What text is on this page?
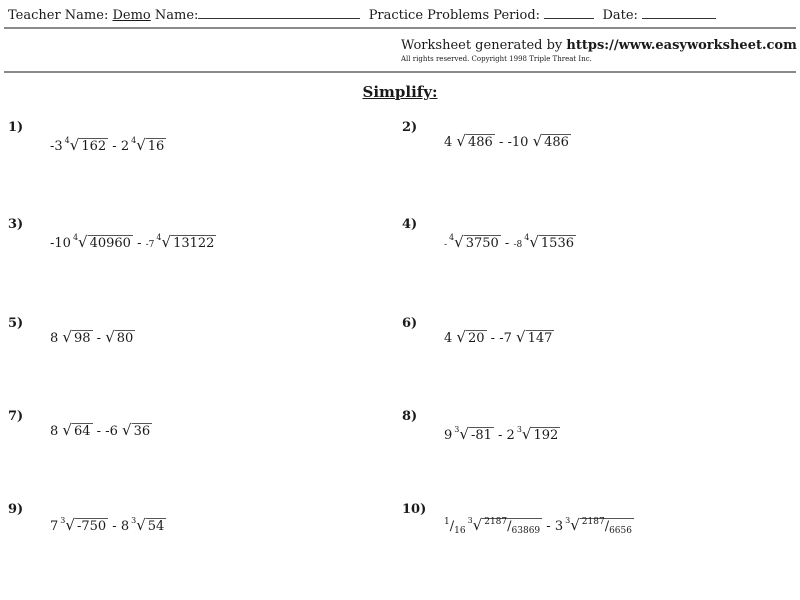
Teacher Name: Demo Name:	Practice Problems Period:	Date:
Worksheet generated by https://www.easyworksheet.com
All rights reserved. Copyright 1998 Triple Threat Inc.
Simplify:
1)
-3 $^4$√ 162 - 2 $^4$√ 16
2)
4 √ 486 - -10 √ 486
3)
-10 $^4$√ $40960 - -7^4√$ 13122
4)
-$^4$√ $3750 - -8^4√$ 1536
5)
8 √ 98 - √ 80
6)
4 √ 20 - -7 √ 147
7)
8 √ 64 - -6 √ 36
8)
9 $^3$√ -81 - 2 $^3$√ 192
9)
7 $^3$√ -750 - 8 $^3$√ 54
10)
$^1/_{16}^3√$ $^{2187}/_{63869} - 3$ $^3$√ $^{2187}/_{6656}$
